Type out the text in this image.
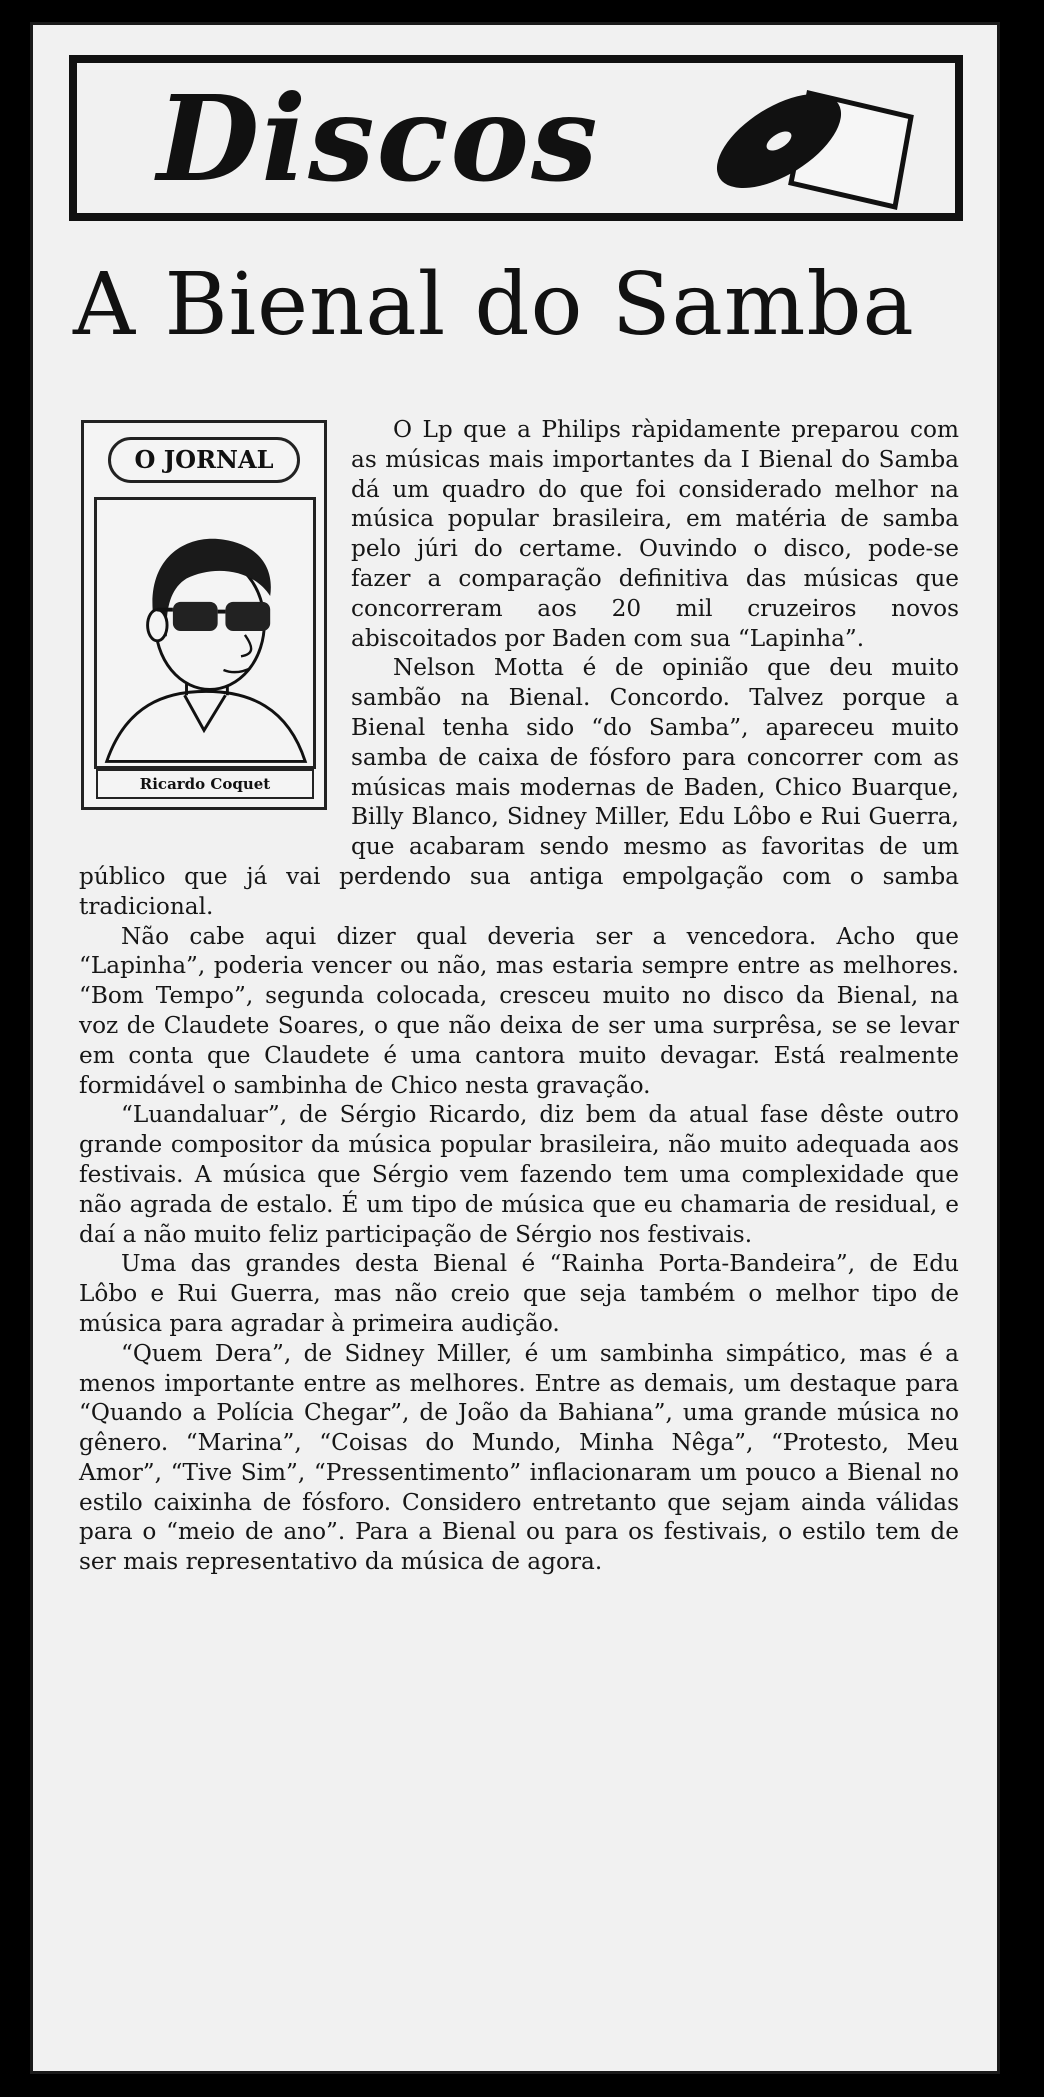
Discos
A Bienal do Samba

O Lp que a Philips ràpidamente preparou com as músicas mais importantes da I Bienal do Samba dá um quadro do que foi considerado melhor na música popular brasileira, em matéria de samba pelo júri do certame. Ouvindo o disco, pode-se fazer a comparação definitiva das músicas que concorreram aos 20 mil cruzeiros novos abiscoitados por Baden com sua “Lapinha”.

Nelson Motta é de opinião que deu muito sambão na Bienal. Concordo. Talvez porque a Bienal tenha sido “do Samba”, apareceu muito samba de caixa de fósforo para concorrer com as músicas mais modernas de Baden, Chico Buarque, Billy Blanco, Sidney Miller, Edu Lôbo e Rui Guerra, que acabaram sendo mesmo as favoritas de um público que já vai perdendo sua antiga empolgação com o samba tradicional.

Não cabe aqui dizer qual deveria ser a vencedora. Acho que “Lapinha”, poderia vencer ou não, mas estaria sempre entre as melhores. “Bom Tempo”, segunda colocada, cresceu muito no disco da Bienal, na voz de Claudete Soares, o que não deixa de ser uma surprêsa, se se levar em conta que Claudete é uma cantora muito devagar. Está realmente formidável o sambinha de Chico nesta gravação.

“Luandaluar”, de Sérgio Ricardo, diz bem da atual fase dêste outro grande compositor da música popular brasileira, não muito adequada aos festivais. A música que Sérgio vem fazendo tem uma complexidade que não agrada de estalo. É um tipo de música que eu chamaria de residual, e daí a não muito feliz participação de Sérgio nos festivais.

Uma das grandes desta Bienal é “Rainha Porta-Bandeira”, de Edu Lôbo e Rui Guerra, mas não creio que seja também o melhor tipo de música para agradar à primeira audição.

“Quem Dera”, de Sidney Miller, é um sambinha simpático, mas é a menos importante entre as melhores. Entre as demais, um destaque para “Quando a Polícia Chegar”, de João da Bahiana”, uma grande música no gênero. “Marina”, “Coisas do Mundo, Minha Nêga”, “Protesto, Meu Amor”, “Tive Sim”, “Pressentimento” inflacionaram um pouco a Bienal no estilo caixinha de fósforo. Considero entretanto que sejam ainda válidas para o “meio de ano”. Para a Bienal ou para os festivais, o estilo tem de ser mais representativo da música de agora.

O JORNAL
Ricardo Coquet
